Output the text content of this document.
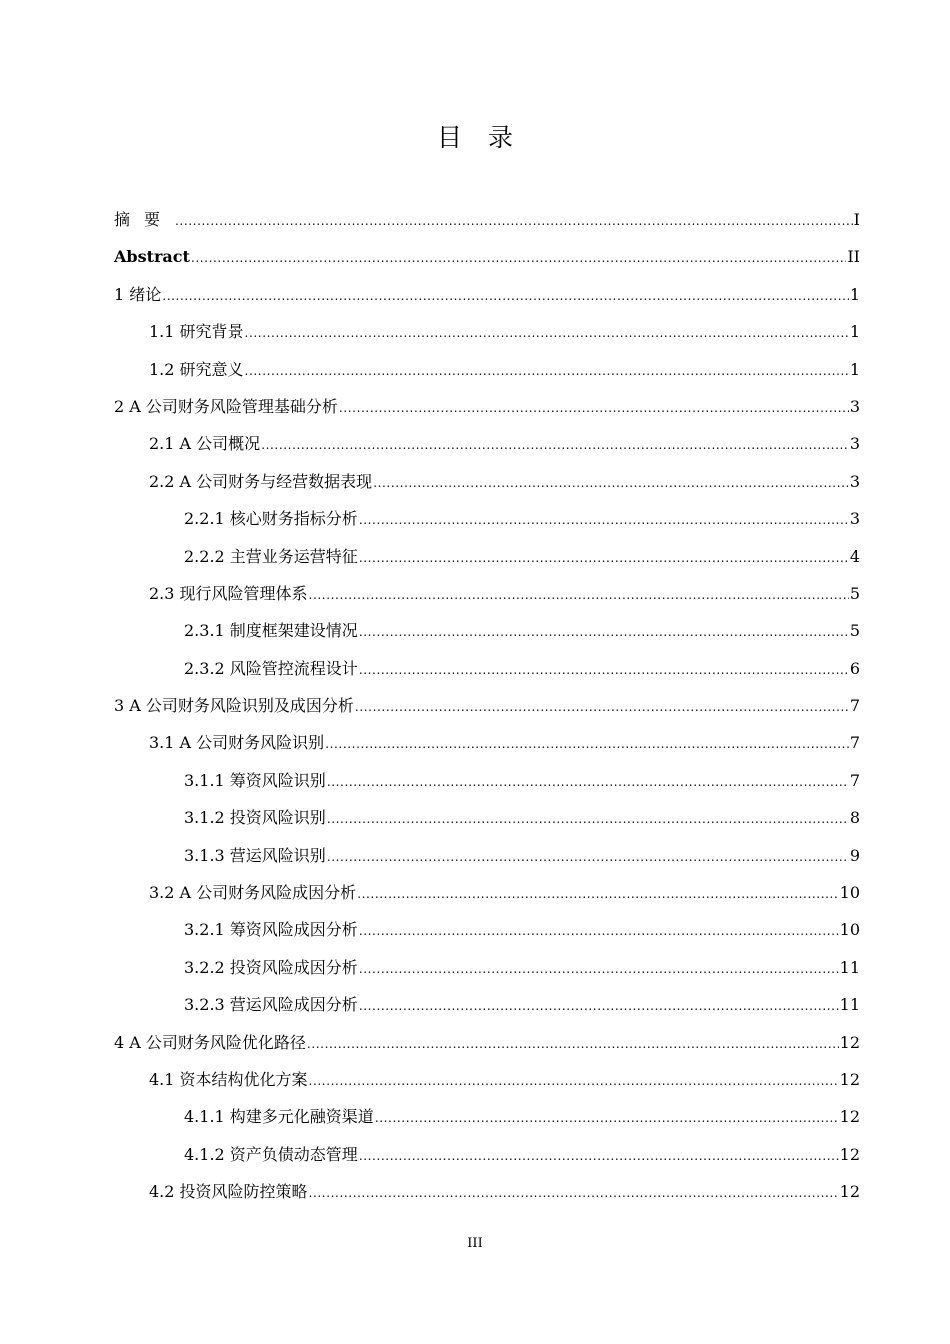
目录
摘要 .....	I
Abstract .....	II
1 绪论 .....	1
1.1 研究背景 .....	1
1.2 研究意义 .....	1
2 A 公司财务风险管理基础分析 .....	3
2.1 A 公司概况 .....	3
2.2 A 公司财务与经营数据表现 .....	3
2.2.1 核心财务指标分析 .....	3
2.2.2 主营业务运营特征 .....	4
2.3 现行风险管理体系 .....	5
2.3.1 制度框架建设情况 .....	5
2.3.2 风险管控流程设计 .....	6
3 A 公司财务风险识别及成因分析 .....	7
3.1 A 公司财务风险识别 .....	7
3.1.1 筹资风险识别 .....	7
3.1.2 投资风险识别 .....	8
3.1.3 营运风险识别 .....	9
3.2 A 公司财务风险成因分析 .....	10
3.2.1 筹资风险成因分析 .....	10
3.2.2 投资风险成因分析 .....	11
3.2.3 营运风险成因分析 .....	11
4 A 公司财务风险优化路径 .....	12
4.1 资本结构优化方案 .....	12
4.1.1 构建多元化融资渠道 .....	12
4.1.2 资产负债动态管理 .....	12
4.2 投资风险防控策略 .....	12
III
